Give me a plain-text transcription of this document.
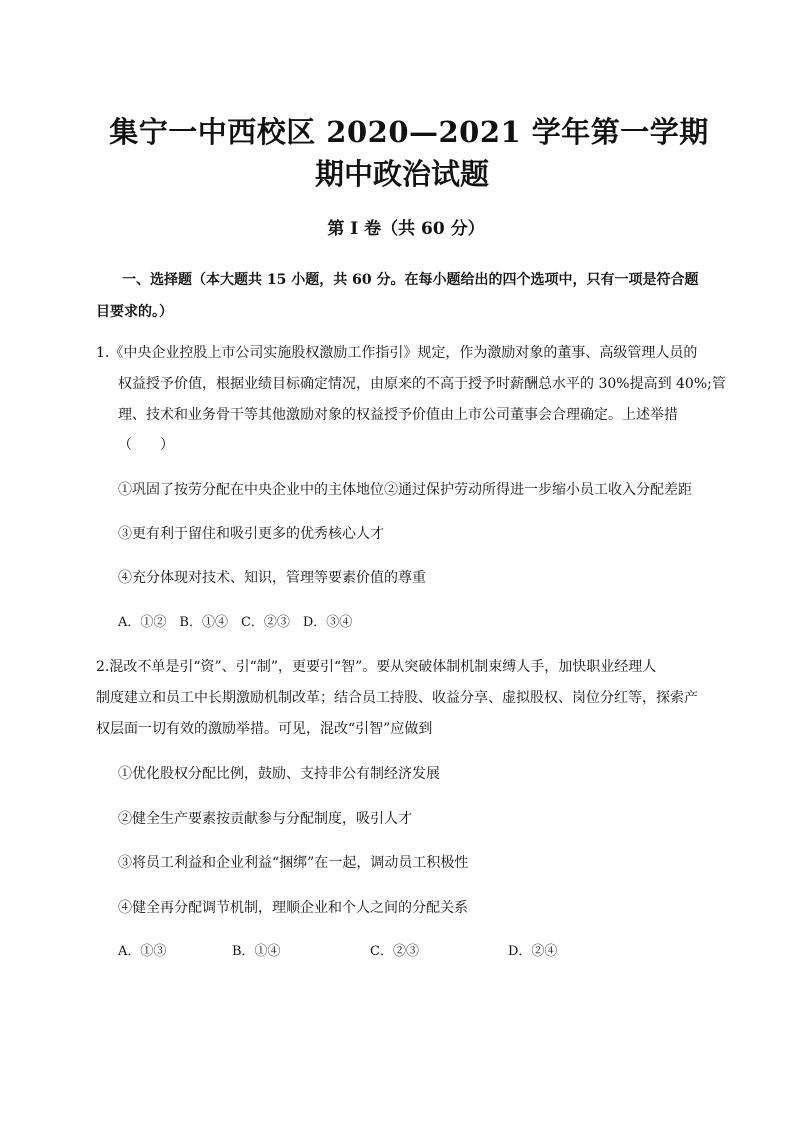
集宁一中西校区 2020—2021 学年第一学期
期中政治试题
第 I 卷（共 60 分）
一、选择题（本大题共 15 小题，共 60 分。在每小题给出的四个选项中，只有一项是符合题目要求的。）
1.《中央企业控股上市公司实施股权激励工作指引》规定，作为激励对象的董事、高级管理人员的
权益授予价值，根据业绩目标确定情况，由原来的不高于授予时薪酬总水平的 30%提高到 40%;管
理、技术和业务骨干等其他激励对象的权益授予价值由上市公司董事会合理确定。上述举措
（　　）
①巩固了按劳分配在中央企业中的主体地位②通过保护劳动所得进一步缩小员工收入分配差距
③更有利于留住和吸引更多的优秀核心人才
④充分体现对技术、知识，管理等要素价值的尊重
A．①②　B．①④　C．②③　D．③④
2.混改不单是引“资”、引“制”，更要引“智”。要从突破体制机制束缚人手，加快职业经理人
制度建立和员工中长期激励机制改革；结合员工持股、收益分享、虚拟股权、岗位分红等，探索产
权层面一切有效的激励举措。可见，混改“引智”应做到
①优化股权分配比例，鼓励、支持非公有制经济发展
②健全生产要素按贡献参与分配制度，吸引人才
③将员工利益和企业利益“捆绑”在一起，调动员工积极性
④健全再分配调节机制，理顺企业和个人之间的分配关系
A．①③	B．①④	C．②③	D．②④
